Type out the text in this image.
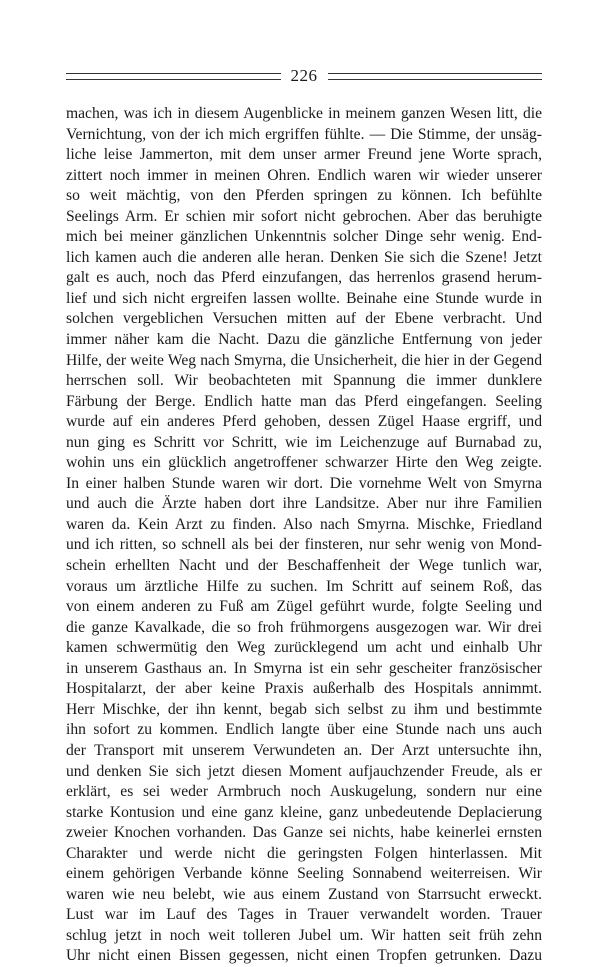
226
machen, was ich in diesem Augenblicke in meinem ganzen Wesen litt, die
Vernichtung, von der ich mich ergriffen fühlte. — Die Stimme, der unsäg-
liche leise Jammerton, mit dem unser armer Freund jene Worte sprach,
zittert noch immer in meinen Ohren. Endlich waren wir wieder unserer
so weit mächtig, von den Pferden springen zu können. Ich befühlte
Seelings Arm. Er schien mir sofort nicht gebrochen. Aber das beruhigte
mich bei meiner gänzlichen Unkenntnis solcher Dinge sehr wenig. End-
lich kamen auch die anderen alle heran. Denken Sie sich die Szene! Jetzt
galt es auch, noch das Pferd einzufangen, das herrenlos grasend herum-
lief und sich nicht ergreifen lassen wollte. Beinahe eine Stunde wurde in
solchen vergeblichen Versuchen mitten auf der Ebene verbracht. Und
immer näher kam die Nacht. Dazu die gänzliche Entfernung von jeder
Hilfe, der weite Weg nach Smyrna, die Unsicherheit, die hier in der Gegend
herrschen soll. Wir beobachteten mit Spannung die immer dunklere
Färbung der Berge. Endlich hatte man das Pferd eingefangen. Seeling
wurde auf ein anderes Pferd gehoben, dessen Zügel Haase ergriff, und
nun ging es Schritt vor Schritt, wie im Leichenzuge auf Burnabad zu,
wohin uns ein glücklich angetroffener schwarzer Hirte den Weg zeigte.
In einer halben Stunde waren wir dort. Die vornehme Welt von Smyrna
und auch die Ärzte haben dort ihre Landsitze. Aber nur ihre Familien
waren da. Kein Arzt zu finden. Also nach Smyrna. Mischke, Friedland
und ich ritten, so schnell als bei der finsteren, nur sehr wenig von Mond-
schein erhellten Nacht und der Beschaffenheit der Wege tunlich war,
voraus um ärztliche Hilfe zu suchen. Im Schritt auf seinem Roß, das
von einem anderen zu Fuß am Zügel geführt wurde, folgte Seeling und
die ganze Kavalkade, die so froh frühmorgens ausgezogen war. Wir drei
kamen schwermütig den Weg zurücklegend um acht und einhalb Uhr
in unserem Gasthaus an. In Smyrna ist ein sehr gescheiter französischer
Hospitalarzt, der aber keine Praxis außerhalb des Hospitals annimmt.
Herr Mischke, der ihn kennt, begab sich selbst zu ihm und bestimmte
ihn sofort zu kommen. Endlich langte über eine Stunde nach uns auch
der Transport mit unserem Verwundeten an. Der Arzt untersuchte ihn,
und denken Sie sich jetzt diesen Moment aufjauchzender Freude, als er
erklärt, es sei weder Armbruch noch Auskugelung, sondern nur eine
starke Kontusion und eine ganz kleine, ganz unbedeutende Deplacierung
zweier Knochen vorhanden. Das Ganze sei nichts, habe keinerlei ernsten
Charakter und werde nicht die geringsten Folgen hinterlassen. Mit
einem gehörigen Verbande könne Seeling Sonnabend weiterreisen. Wir
waren wie neu belebt, wie aus einem Zustand von Starrsucht erweckt.
Lust war im Lauf des Tages in Trauer verwandelt worden. Trauer
schlug jetzt in noch weit tolleren Jubel um. Wir hatten seit früh zehn
Uhr nicht einen Bissen gegessen, nicht einen Tropfen getrunken. Dazu
